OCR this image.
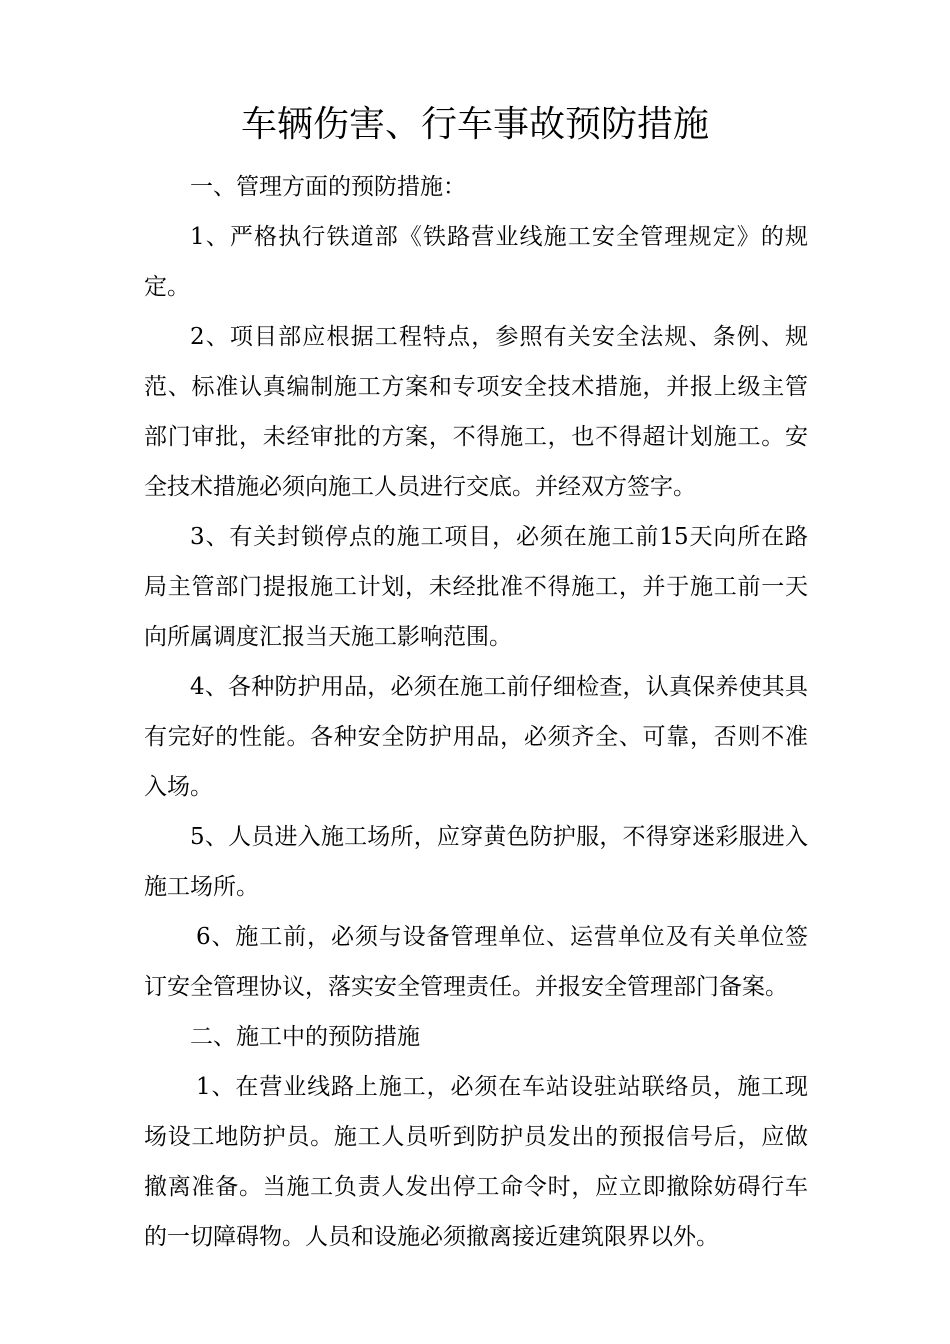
车辆伤害、行车事故预防措施

一、管理方面的预防措施：

1、严格执行铁道部《铁路营业线施工安全管理规定》的规定。

2、项目部应根据工程特点，参照有关安全法规、条例、规范、标准认真编制施工方案和专项安全技术措施，并报上级主管部门审批，未经审批的方案，不得施工，也不得超计划施工。安全技术措施必须向施工人员进行交底。并经双方签字。

3、有关封锁停点的施工项目，必须在施工前15天向所在路局主管部门提报施工计划，未经批准不得施工，并于施工前一天向所属调度汇报当天施工影响范围。

4、各种防护用品，必须在施工前仔细检查，认真保养使其具有完好的性能。各种安全防护用品，必须齐全、可靠，否则不准入场。

5、人员进入施工场所，应穿黄色防护服，不得穿迷彩服进入施工场所。

6、施工前，必须与设备管理单位、运营单位及有关单位签订安全管理协议，落实安全管理责任。并报安全管理部门备案。

二、施工中的预防措施

1、在营业线路上施工，必须在车站设驻站联络员，施工现场设工地防护员。施工人员听到防护员发出的预报信号后，应做撤离准备。当施工负责人发出停工命令时，应立即撤除妨碍行车的一切障碍物。人员和设施必须撤离接近建筑限界以外。
